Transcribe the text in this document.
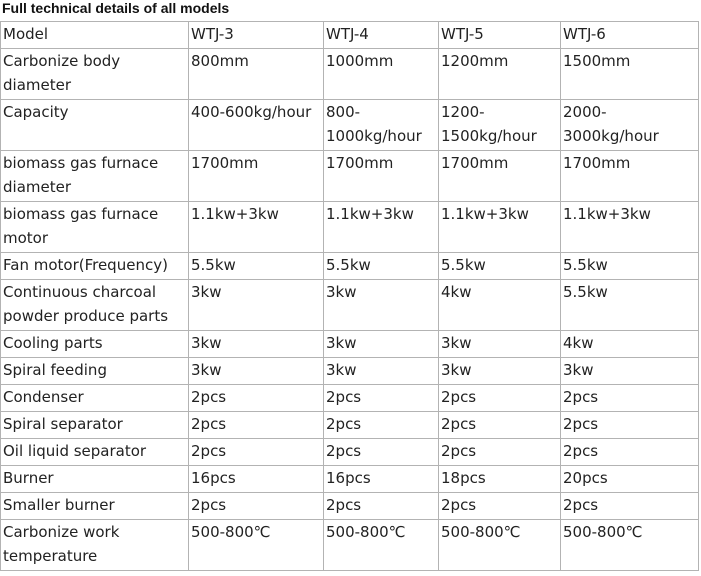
Full technical details of all models
Model	WTJ-3	WTJ-4	WTJ-5	WTJ-6
Carbonize body diameter	800mm	1000mm	1200mm	1500mm
Capacity	400-600kg/hour	800-1000kg/hour	1200-1500kg/hour	2000-3000kg/hour
biomass gas furnace diameter	1700mm	1700mm	1700mm	1700mm
biomass gas furnace motor	1.1kw+3kw	1.1kw+3kw	1.1kw+3kw	1.1kw+3kw
Fan motor(Frequency)	5.5kw	5.5kw	5.5kw	5.5kw
Continuous charcoal powder produce parts	3kw	3kw	4kw	5.5kw
Cooling parts	3kw	3kw	3kw	4kw
Spiral feeding	3kw	3kw	3kw	3kw
Condenser	2pcs	2pcs	2pcs	2pcs
Spiral separator	2pcs	2pcs	2pcs	2pcs
Oil liquid separator	2pcs	2pcs	2pcs	2pcs
Burner	16pcs	16pcs	18pcs	20pcs
Smaller burner	2pcs	2pcs	2pcs	2pcs
Carbonize work temperature	500-800℃	500-800℃	500-800℃	500-800℃
